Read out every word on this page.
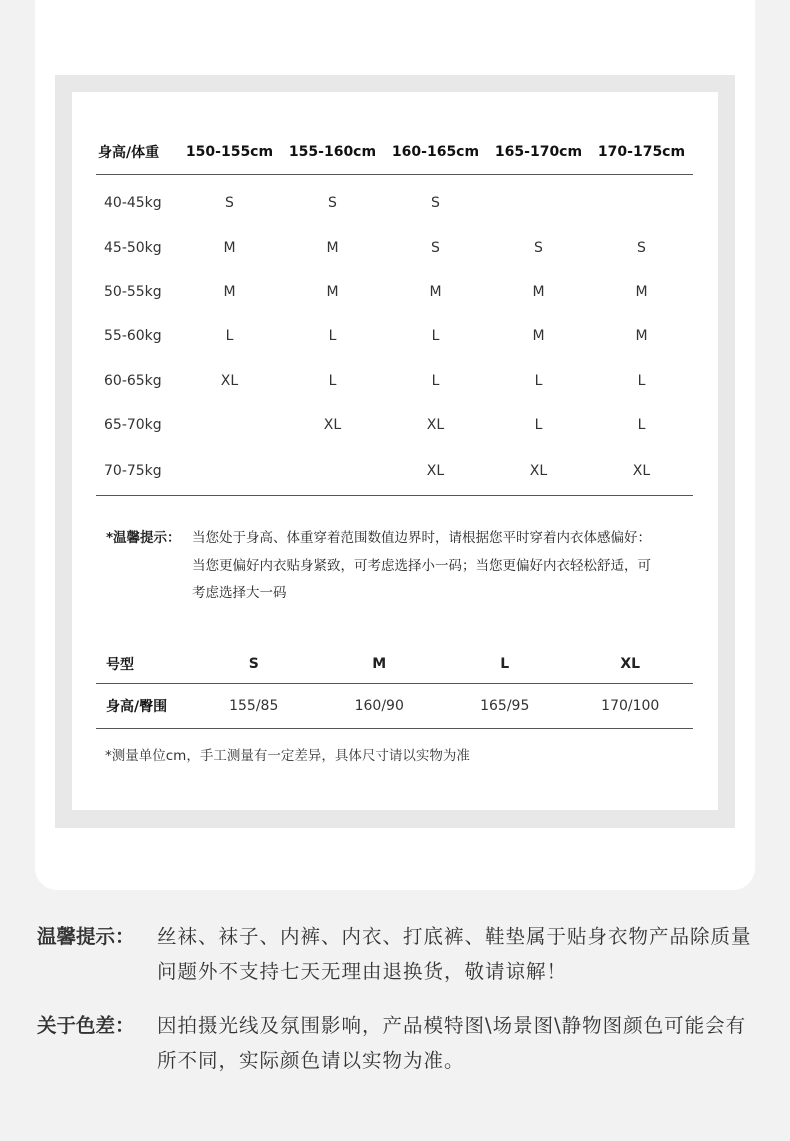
身高/体重	150-155cm	155-160cm	160-165cm	165-170cm	170-175cm
40-45kg	S	S	S		
45-50kg	M	M	S	S	S
50-55kg	M	M	M	M	M
55-60kg	L	L	L	M	M
60-65kg	XL	L	L	L	L
65-70kg		XL	XL	L	L
70-75kg			XL	XL	XL
*温馨提示： 当您处于身高、体重穿着范围数值边界时，请根据您平时穿着内衣体感偏好：当您更偏好内衣贴身紧致，可考虑选择小一码；当您更偏好内衣轻松舒适，可考虑选择大一码
号型	S	M	L	XL
身高/臀围	155/85	160/90	165/95	170/100
*测量单位cm，手工测量有一定差异，具体尺寸请以实物为准
温馨提示：	丝袜、袜子、内裤、内衣、打底裤、鞋垫属于贴身衣物产品除质量问题外不支持七天无理由退换货，敬请谅解！
关于色差：	因拍摄光线及氛围影响，产品模特图\场景图\静物图颜色可能会有所不同，实际颜色请以实物为准。
